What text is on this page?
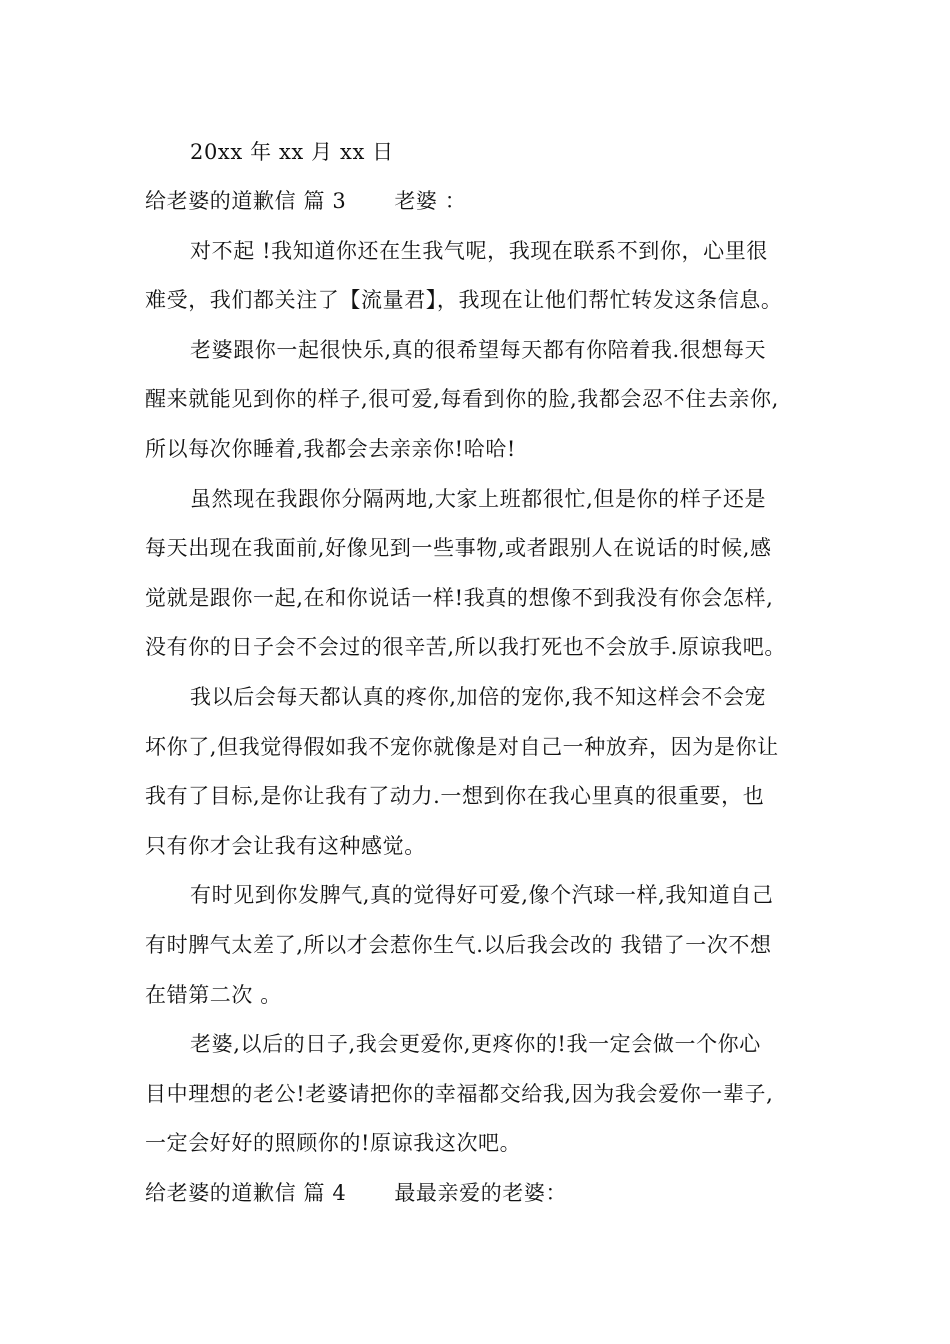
20xx 年 xx 月 xx 日
给老婆的道歉信 篇 3 老婆 ：
对不起 !我知道你还在生我气呢，我现在联系不到你，心里很
难受，我们都关注了【流量君】，我现在让他们帮忙转发这条信息。
老婆跟你一起很快乐,真的很希望每天都有你陪着我.很想每天
醒来就能见到你的样子,很可爱,每看到你的脸,我都会忍不住去亲你,
所以每次你睡着,我都会去亲亲你!哈哈!
虽然现在我跟你分隔两地,大家上班都很忙,但是你的样子还是
每天出现在我面前,好像见到一些事物,或者跟别人在说话的时候,感
觉就是跟你一起,在和你说话一样!我真的想像不到我没有你会怎样,
没有你的日子会不会过的很辛苦,所以我打死也不会放手.原谅我吧。
我以后会每天都认真的疼你,加倍的宠你,我不知这样会不会宠
坏你了,但我觉得假如我不宠你就像是对自己一种放弃，因为是你让
我有了目标,是你让我有了动力.一想到你在我心里真的很重要，也
只有你才会让我有这种感觉。
有时见到你发脾气,真的觉得好可爱,像个汽球一样,我知道自己
有时脾气太差了,所以才会惹你生气.以后我会改的 我错了一次不想
在错第二次 。
老婆,以后的日子,我会更爱你,更疼你的!我一定会做一个你心
目中理想的老公!老婆请把你的幸福都交给我,因为我会爱你一辈子,
一定会好好的照顾你的!原谅我这次吧。
给老婆的道歉信 篇 4 最最亲爱的老婆：
